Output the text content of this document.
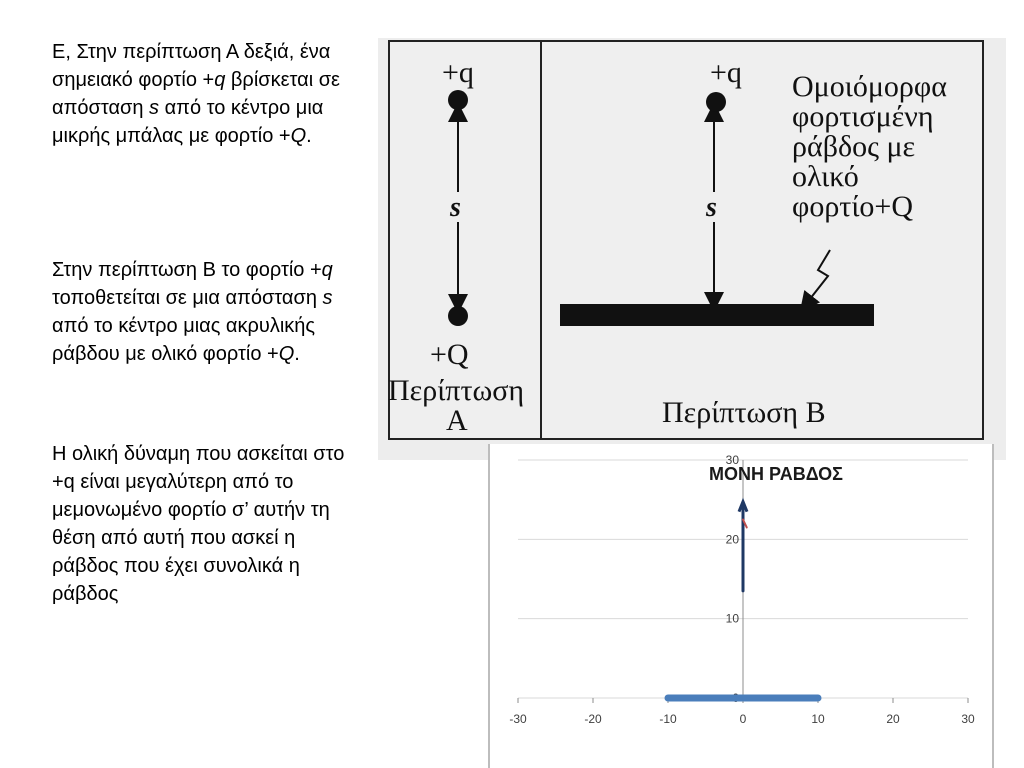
Ε, Στην περίπτωση Α δεξιά, ένα σημειακό φορτίο +q βρίσκεται σε απόσταση s από το κέντρο μια μικρής μπάλας με φορτίο +Q.

Στην περίπτωση Β το φορτίο +q τοποθετείται σε μια απόσταση s από το κέντρο μιας ακρυλικής ράβδου με ολικό φορτίο +Q.

Η ολική δύναμη που ασκείται στο +q είναι μεγαλύτερη από το μεμονωμένο φορτίο σ’ αυτήν τη θέση από αυτή που ασκεί η ράβδος που έχει συνολικά η ράβδος

+q
s
+Q
Περίπτωση
Α
+q
s
Ομοιόμορφα
φορτισμένη
ράβδος με
ολικό
φορτίο+Q
Περίπτωση Β
-30	-20	-10	0	10	20	30
0
10
20
30
ΜΟΝΗ ΡΑΒΔΟΣ
